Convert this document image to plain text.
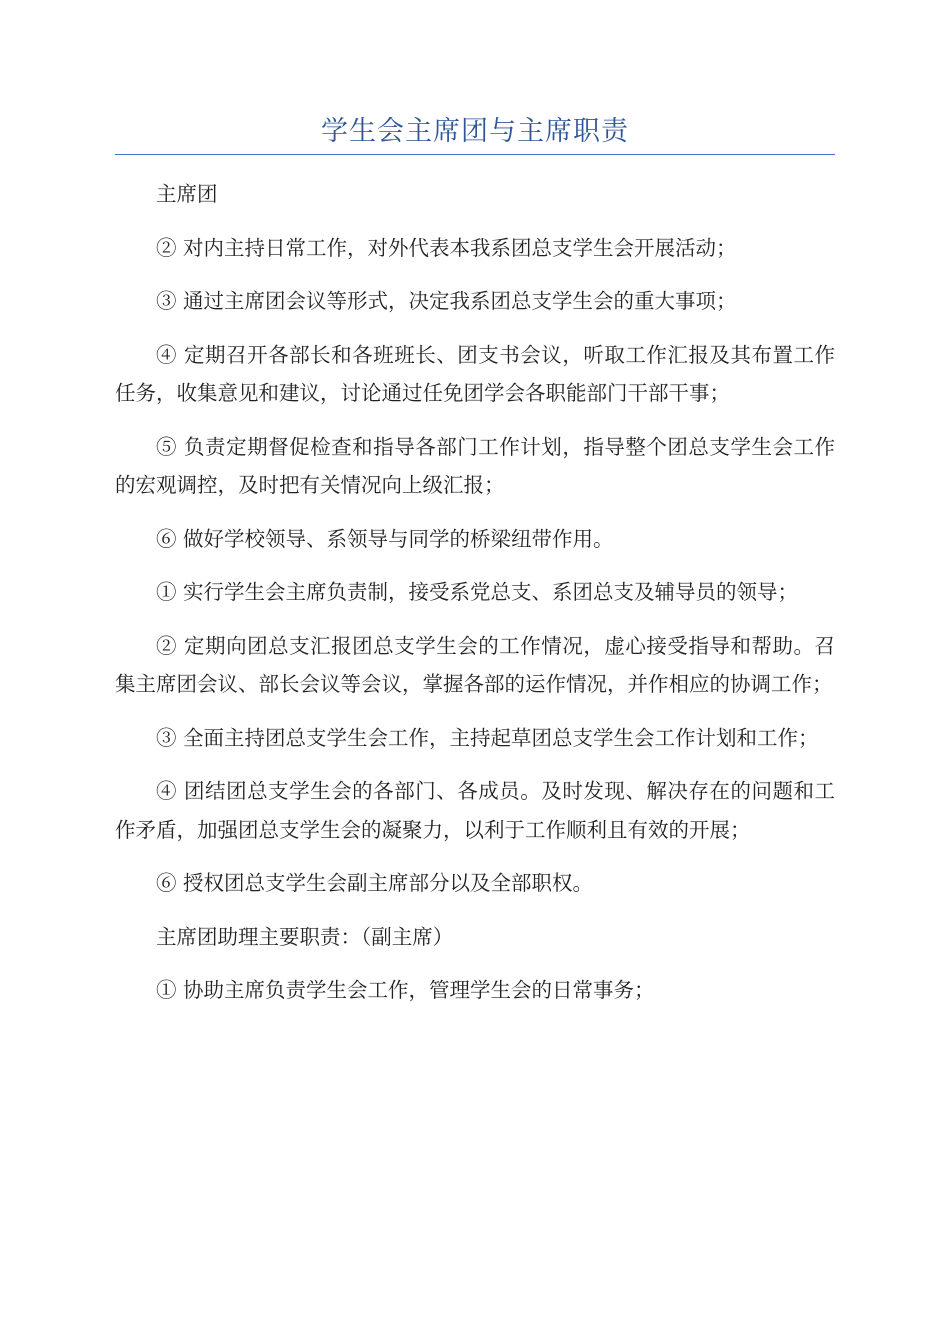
学生会主席团与主席职责

主席团

② 对内主持日常工作，对外代表本我系团总支学生会开展活动；

③ 通过主席团会议等形式，决定我系团总支学生会的重大事项；

④ 定期召开各部长和各班班长、团支书会议，听取工作汇报及其布置工作任务，收集意见和建议，讨论通过任免团学会各职能部门干部干事；

⑤ 负责定期督促检查和指导各部门工作计划，指导整个团总支学生会工作的宏观调控，及时把有关情况向上级汇报；

⑥ 做好学校领导、系领导与同学的桥梁纽带作用。

① 实行学生会主席负责制，接受系党总支、系团总支及辅导员的领导；

② 定期向团总支汇报团总支学生会的工作情况，虚心接受指导和帮助。召集主席团会议、部长会议等会议，掌握各部的运作情况，并作相应的协调工作；

③ 全面主持团总支学生会工作，主持起草团总支学生会工作计划和工作；

④ 团结团总支学生会的各部门、各成员。及时发现、解决存在的问题和工作矛盾，加强团总支学生会的凝聚力，以利于工作顺利且有效的开展；

⑥ 授权团总支学生会副主席部分以及全部职权。

主席团助理主要职责：（副主席）

① 协助主席负责学生会工作，管理学生会的日常事务；
